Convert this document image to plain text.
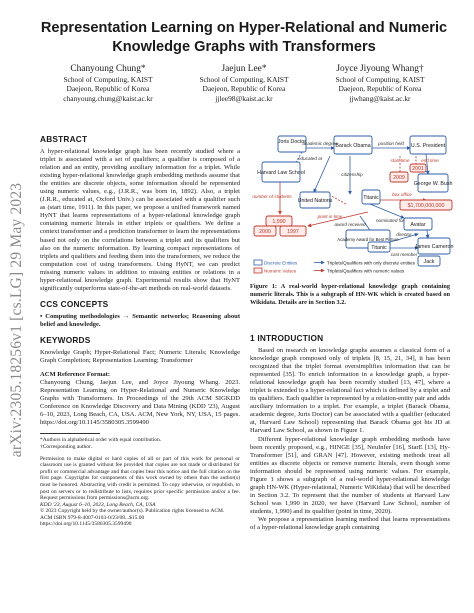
arXiv:2305.18256v1 [cs.LG] 29 May 2023
Representation Learning on Hyper-Relational and Numeric
Knowledge Graphs with Transformers
Chanyoung Chung*
School of Computing, KAIST
Daejeon, Republic of Korea
chanyoung.chung@kaist.ac.kr
Jaejun Lee*
School of Computing, KAIST
Daejeon, Republic of Korea
jjlee98@kaist.ac.kr
Joyce Jiyoung Whang†
School of Computing, KAIST
Daejeon, Republic of Korea
jjwhang@kaist.ac.kr
ABSTRACT

A hyper-relational knowledge graph has been recently studied where a triplet is associated with a set of qualifiers; a qualifier is composed of a relation and an entity, providing auxiliary information for a triplet. While existing hyper-relational knowledge graph embedding methods assume that the entities are discrete objects, some information should be represented using numeric values, e.g., (J.R.R., was born in, 1892). Also, a triplet (J.R.R., educated at, Oxford Univ.) can be associated with a qualifier such as (start time, 1911). In this paper, we propose a unified framework named HyNT that learns representations of a hyper-relational knowledge graph containing numeric literals in either triplets or qualifiers. We define a context transformer and a prediction transformer to learn the representations based not only on the correlations between a triplet and its qualifiers but also on the numeric information. By learning compact representations of triplets and qualifiers and feeding them into the transformers, we reduce the computation cost of using transformers. Using HyNT, we can predict missing numeric values in addition to missing entities or relations in a hyper-relational knowledge graph. Experimental results show that HyNT significantly outperforms state-of-the-art methods on real-world datasets.

CCS CONCEPTS

• Computing methodologies → Semantic networks; Reasoning about belief and knowledge.

KEYWORDS

Knowledge Graph; Hyper-Relational Fact; Numeric Literals; Knowledge Graph Completion; Representation Learning; Transformer

ACM Reference Format:

Chanyoung Chung, Jaejun Lee, and Joyce Jiyoung Whang. 2023. Representation Learning on Hyper-Relational and Numeric Knowledge Graphs with Transformers. In Proceedings of the 29th ACM SIGKDD Conference on Knowledge Discovery and Data Mining (KDD '23), August 6–10, 2023, Long Beach, CA, USA. ACM, New York, NY, USA, 15 pages. https://doi.org/10.1145/3580305.3599490

*Authors in alphabetical order with equal contribution.
†Corresponding author.
Permission to make digital or hard copies of all or part of this work for personal or classroom use is granted without fee provided that copies are not made or distributed for profit or commercial advantage and that copies bear this notice and the full citation on the first page. Copyrights for components of this work owned by others than the author(s) must be honored. Abstracting with credit is permitted. To copy otherwise, or republish, to post on servers or to redistribute to lists, requires prior specific permission and/or a fee. Request permissions from permissions@acm.org.
KDD '23, August 6–10, 2023, Long Beach, CA, USA
© 2023 Copyright held by the owner/author(s). Publication rights licensed to ACM.
ACM ISBN 979-8-4007-0103-0/23/08...$15.00
https://doi.org/10.1145/3580305.3599490
Joris Doctor
Barack Obama	U.S. President
Harvard Law School
United Nations
George W. Bush
Titanic
Avatar
Academy Award for Best Picture
Titanic	James Cameron
Jack
1,990
2009
2001
$1,700,000,000
2000	1997
academic degree	position held
citizenship
educated at	start time	end time
number of students
point in time
box office
nominated for
award received
director
cast member
Discrete Entities
Numeric Values
Triplets/Qualifiers with only discrete entities
Triplets/Qualifiers with numeric values
Figure 1: A real-world hyper-relational knowledge graph containing numeric literals. This is a subgraph of HN-WK which is created based on Wikidata. Details are in Section 3.2.
1 INTRODUCTION

Based on research on knowledge graphs assumes a classical form of a knowledge graph composed only of triplets [8, 15, 21, 34], it has been recognized that the triplet format oversimplifies information that can be represented [35]. To enrich information in a knowledge graph, a hyper-relational knowledge graph has been recently studied [13, 47], where a triplet is extended to a hyper-relational fact which is defined by a triplet and its qualifiers. Each qualifier is represented by a relation-entity pair and adds auxiliary information to a triplet. For example, a triplet (Barack Obama, academic degree, Juris Doctor) can be associated with a qualifier (educated at, Harvard Law School) representing that Barack Obama got his JD at Harvard Law School, as shown in Figure 1.

Different hyper-relational knowledge graph embedding methods have been recently proposed, e.g., HINGE [35], NeuInfer [16], StarE [13], Hy-Transformer [51], and GRAN [47]. However, existing methods treat all entities as discrete objects or remove numeric literals, even though some information should be represented using numeric values. For example, Figure 1 shows a subgraph of a real-world hyper-relational knowledge graph HN-WK (Hyper-relational, Numeric WiKidata) that will be described in Section 3.2. To represent that the number of students at Harvard Law School was 1,990 in 2020, we have (Harvard Law School, number of students, 1,990) and its qualifier (point in time, 2020).

We propose a representation learning method that learns representations of a hyper-relational knowledge graph containing
